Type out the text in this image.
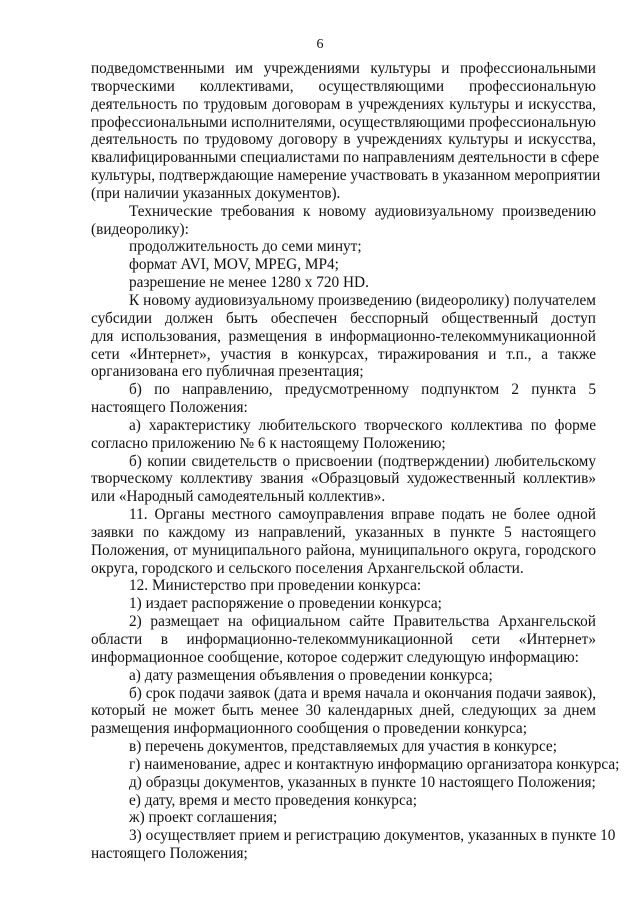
6
подведомственными им учреждениями культуры и профессиональными
творческими коллективами, осуществляющими профессиональную
деятельность по трудовым договорам в учреждениях культуры и искусства,
профессиональными исполнителями, осуществляющими профессиональную
деятельность по трудовому договору в учреждениях культуры и искусства,
квалифицированными специалистами по направлениям деятельности в сфере
культуры, подтверждающие намерение участвовать в указанном мероприятии
(при наличии указанных документов).
Технические требования к новому аудиовизуальному произведению
(видеоролику):
продолжительность до семи минут;
формат AVI, MOV, MPEG, MP4;
разрешение не менее 1280 х 720 HD.
К новому аудиовизуальному произведению (видеоролику) получателем
субсидии должен быть обеспечен бесспорный общественный доступ
для использования, размещения в информационно-телекоммуникационной
сети «Интернет», участия в конкурсах, тиражирования и т.п., а также
организована его публичная презентация;
б) по направлению, предусмотренному подпунктом 2 пункта 5
настоящего Положения:
а) характеристику любительского творческого коллектива по форме
согласно приложению № 6 к настоящему Положению;
б) копии свидетельств о присвоении (подтверждении) любительскому
творческому коллективу звания «Образцовый художественный коллектив»
или «Народный самодеятельный коллектив».
11. Органы местного самоуправления вправе подать не более одной
заявки по каждому из направлений, указанных в пункте 5 настоящего
Положения, от муниципального района, муниципального округа, городского
округа, городского и сельского поселения Архангельской области.
12. Министерство при проведении конкурса:
1) издает распоряжение о проведении конкурса;
2) размещает на официальном сайте Правительства Архангельской
области в информационно-телекоммуникационной сети «Интернет»
информационное сообщение, которое содержит следующую информацию:
а) дату размещения объявления о проведении конкурса;
б) срок подачи заявок (дата и время начала и окончания подачи заявок),
который не может быть менее 30 календарных дней, следующих за днем
размещения информационного сообщения о проведении конкурса;
в) перечень документов, представляемых для участия в конкурсе;
г) наименование, адрес и контактную информацию организатора конкурса;
д) образцы документов, указанных в пункте 10 настоящего Положения;
е) дату, время и место проведения конкурса;
ж) проект соглашения;
3) осуществляет прием и регистрацию документов, указанных в пункте 10
настоящего Положения;
